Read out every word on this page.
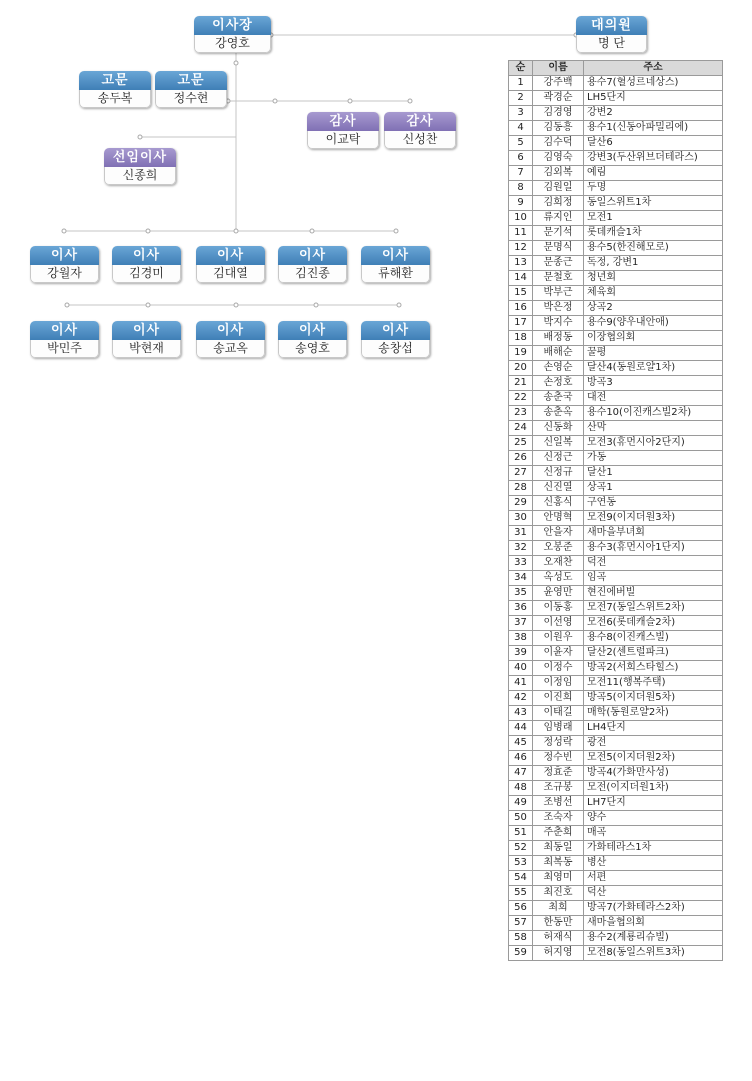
이사장
강영호
대의원
명 단
고문
송두복
고문
정수현
감사
이교탁
감사
신성찬
선임이사
신종희
이사
강월자
이사
김경미
이사
김대열
이사
김진종
이사
류해환
이사
박민주
이사
박현재
이사
송교옥
이사
송영호
이사
송창섭
순	이름	주소
1	강주백	용수7(혈성르네상스)
2	곽경순	LH5단지
3	김경영	강변2
4	김동흥	용수1(신동아파밀리에)
5	김수덕	달산6
6	김영숙	강변3(두산위브더테라스)
7	김외복	예림
8	김원일	두명
9	김희정	동일스위트1차
10	류지인	모전1
11	문기석	롯데캐슬1차
12	문명식	용수5(한진해모로)
13	문종근	독정, 강변1
14	문철호	청년회
15	박부근	체육회
16	박은정	상곡2
17	박지수	용수9(양우내안애)
18	배정동	이장협의회
19	배해순	꿀평
20	손영순	달산4(동원로얄1차)
21	손정호	방곡3
22	송춘국	대전
23	송춘옥	용수10(이진캐스빌2차)
24	신동화	산막
25	신일복	모전3(휴먼시아2단지)
26	신정근	가동
27	신정규	달산1
28	신진열	상곡1
29	신홍식	구연동
30	안명혁	모전9(이지더원3차)
31	안을자	새마을부녀회
32	오봉준	용수3(휴먼시아1단지)
33	오재찬	덕전
34	옥성도	임곡
35	윤영만	현진에버빌
36	이동홍	모전7(동일스위트2차)
37	이선영	모전6(롯데캐슬2차)
38	이원우	용수8(이진캐스빌)
39	이윤자	달산2(센트럴파크)
40	이정수	방곡2(서희스타힐스)
41	이정임	모전11(행복주택)
42	이진희	방곡5(이지더원5차)
43	이태길	매학(동원로얄2차)
44	임병래	LH4단지
45	정성락	광전
46	정수빈	모전5(이지더원2차)
47	정효준	방곡4(가화만사성)
48	조규봉	모전(이지더원1차)
49	조병선	LH7단지
50	조숙자	양수
51	주춘희	매곡
52	최동일	가화테라스1차
53	최복동	병산
54	최영미	서편
55	최진호	덕산
56	최희	방곡7(가화테라스2차)
57	한동만	새마을협의회
58	허재식	용수2(계룡리슈빌)
59	허지영	모전8(동일스위트3차)
